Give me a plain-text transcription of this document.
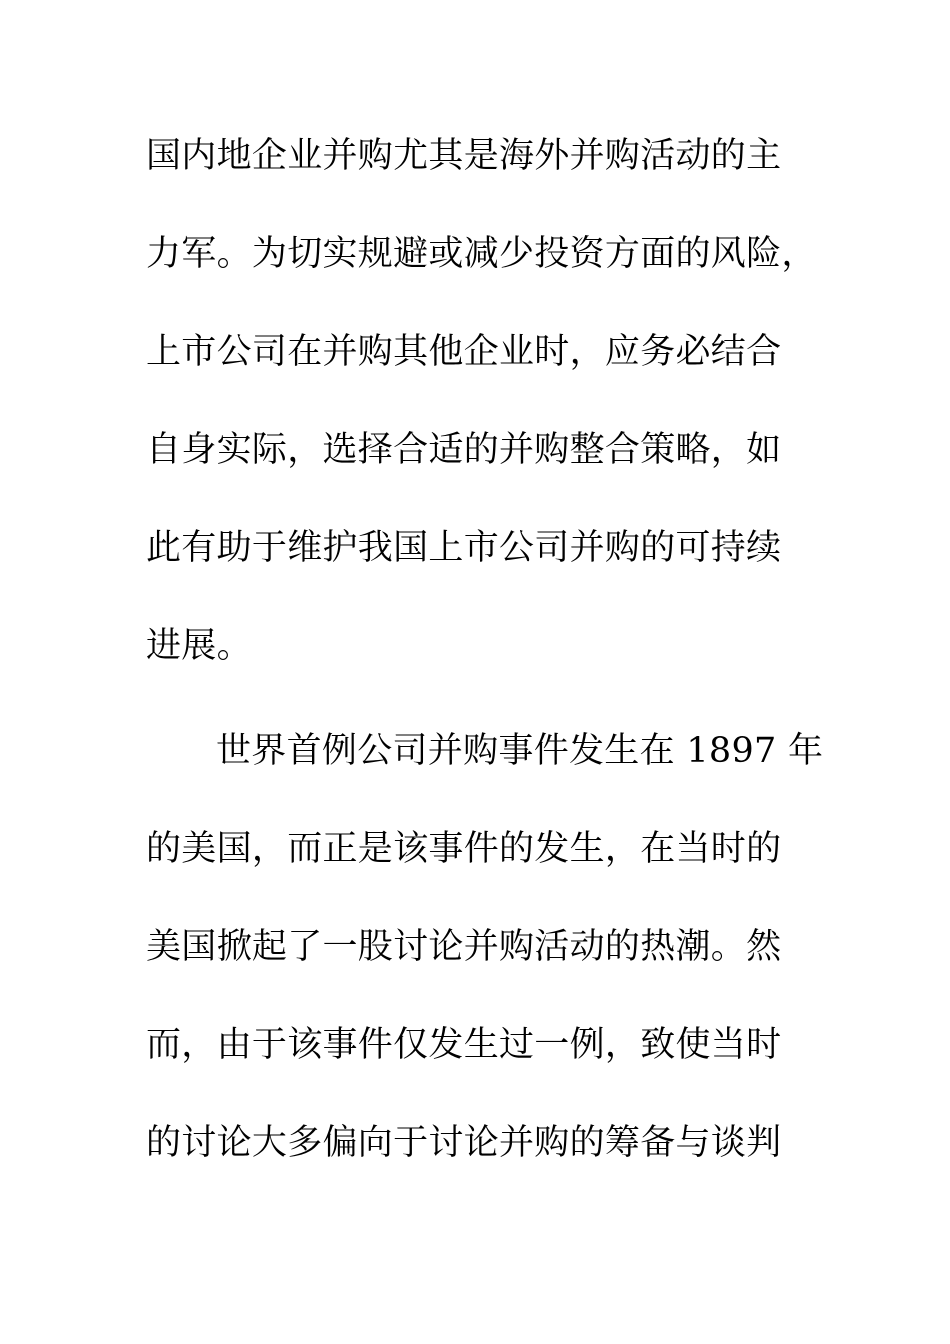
国内地企业并购尤其是海外并购活动的主
力军。为切实规避或减少投资方面的风险，
上市公司在并购其他企业时，应务必结合
自身实际，选择合适的并购整合策略，如
此有助于维护我国上市公司并购的可持续
进展。
世界首例公司并购事件发生在 1897 年
的美国，而正是该事件的发生，在当时的
美国掀起了一股讨论并购活动的热潮。然
而，由于该事件仅发生过一例，致使当时
的讨论大多偏向于讨论并购的筹备与谈判
